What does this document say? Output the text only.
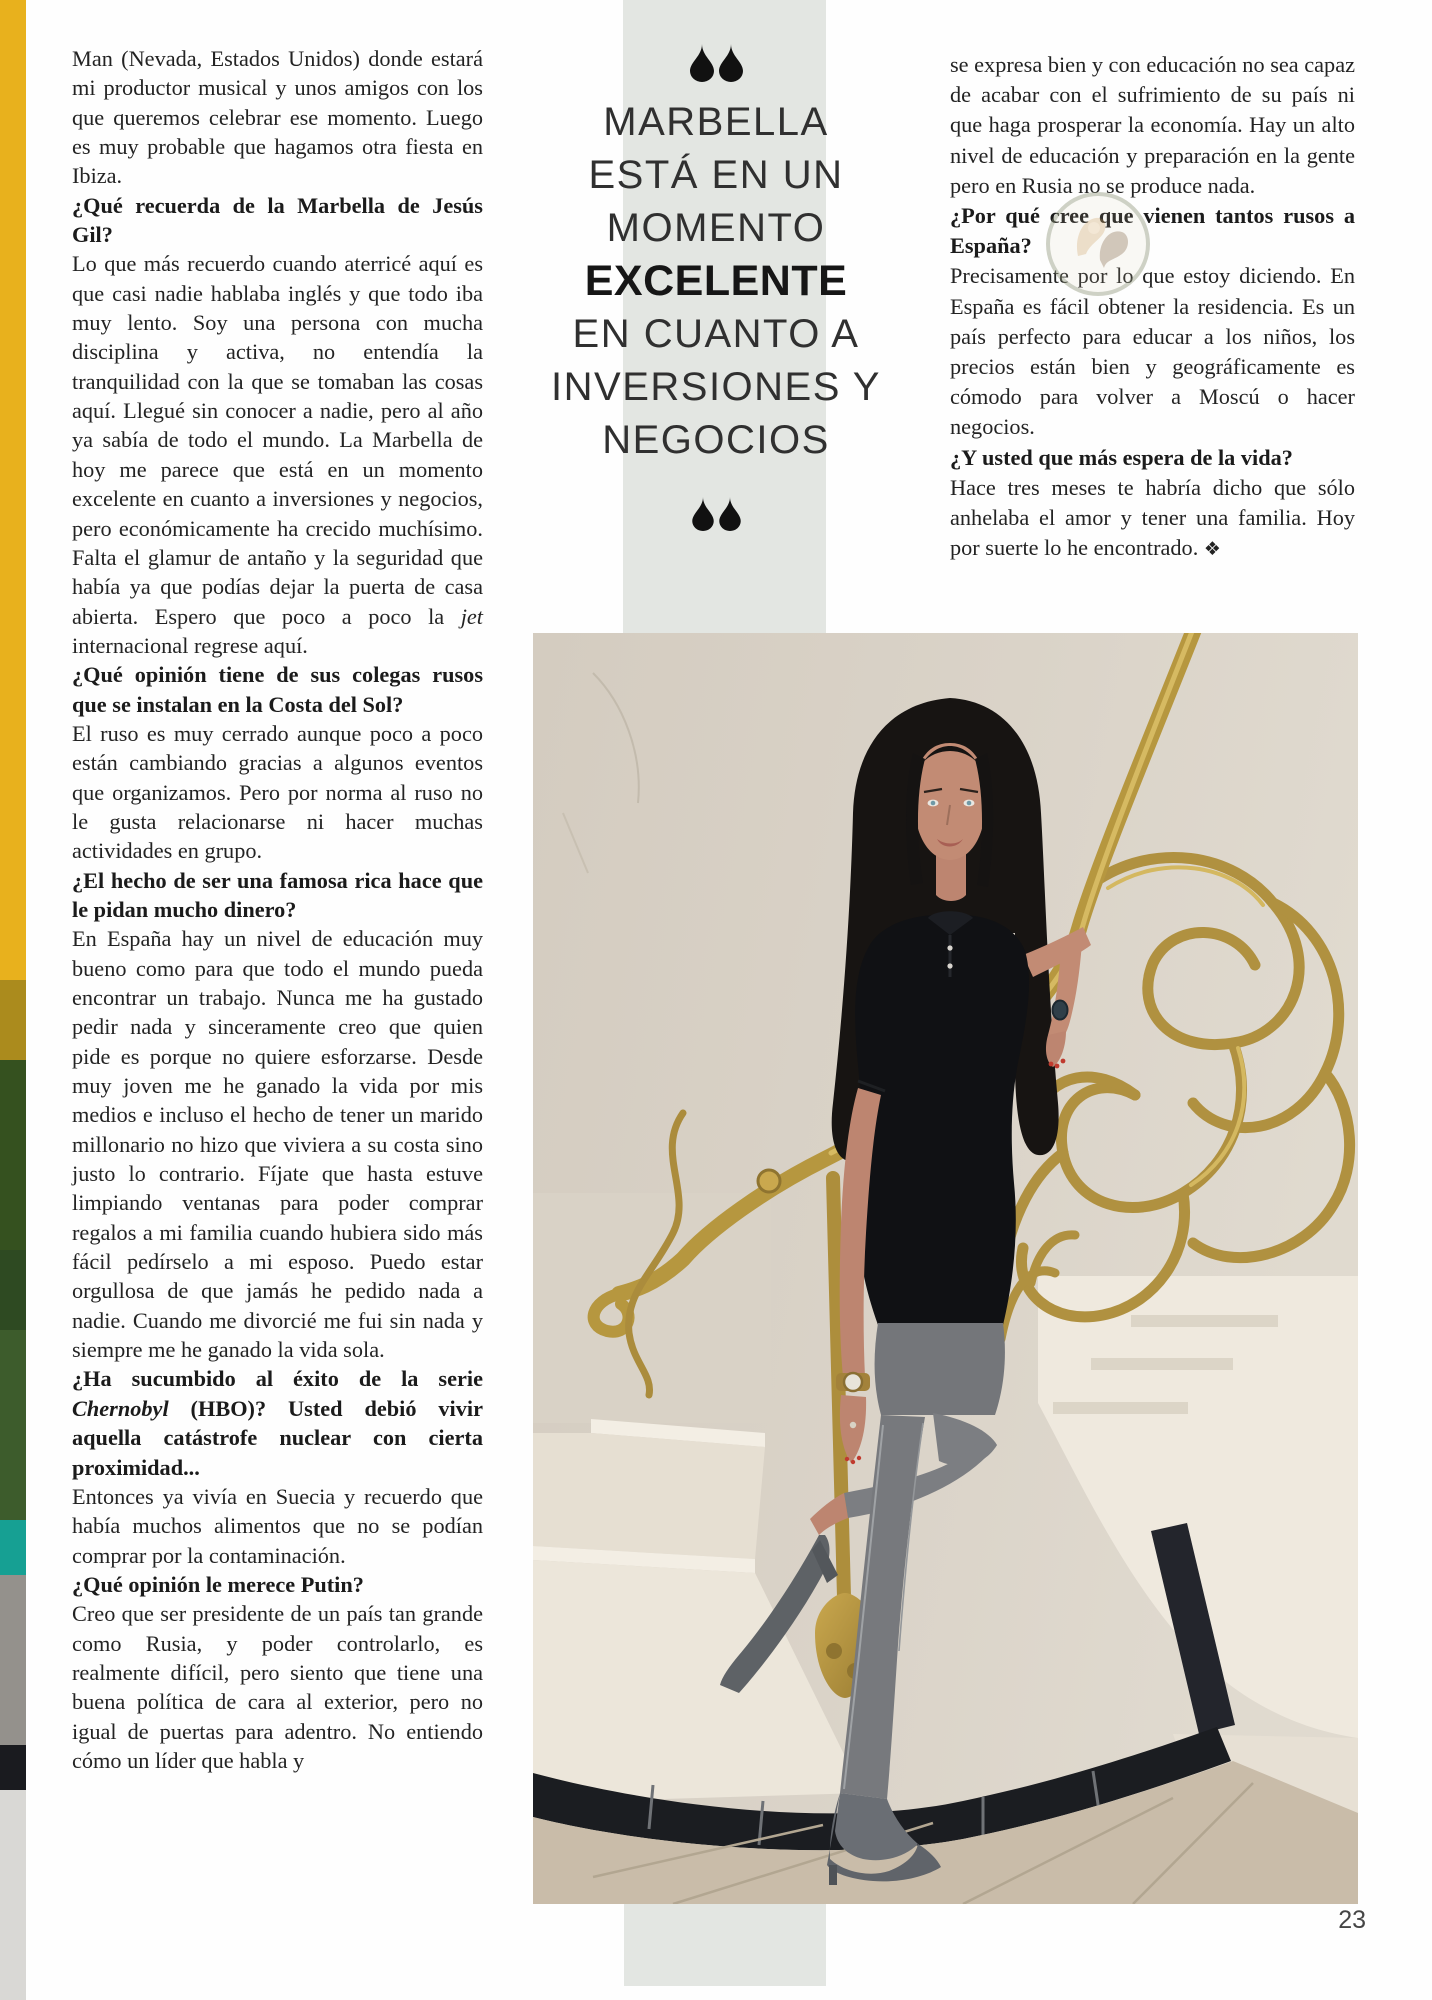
Man (Nevada, Estados Unidos) donde estará mi productor musical y unos amigos con los que queremos celebrar ese momento. Luego es muy probable que hagamos otra fiesta en Ibiza.

¿Qué recuerda de la Marbella de Jesús Gil?

Lo que más recuerdo cuando aterricé aquí es que casi nadie hablaba inglés y que todo iba muy lento. Soy una persona con mucha disciplina y activa, no entendía la tranquilidad con la que se tomaban las cosas aquí. Llegué sin conocer a nadie, pero al año ya sabía de todo el mundo. La Marbella de hoy me parece que está en un momento excelente en cuanto a inversiones y negocios, pero económicamente ha crecido muchísimo. Falta el glamur de antaño y la seguridad que había ya que podías dejar la puerta de casa abierta. Espero que poco a poco la jet internacional regrese aquí.

¿Qué opinión tiene de sus colegas rusos que se instalan en la Costa del Sol?

El ruso es muy cerrado aunque poco a poco están cambiando gracias a algunos eventos que organizamos. Pero por norma al ruso no le gusta relacionarse ni hacer muchas actividades en grupo.

¿El hecho de ser una famosa rica hace que le pidan mucho dinero?

En España hay un nivel de educación muy bueno como para que todo el mundo pueda encontrar un trabajo. Nunca me ha gustado pedir nada y sinceramente creo que quien pide es porque no quiere esforzarse. Desde muy joven me he ganado la vida por mis medios e incluso el hecho de tener un marido millonario no hizo que viviera a su costa sino justo lo contrario. Fíjate que hasta estuve limpiando ventanas para poder comprar regalos a mi familia cuando hubiera sido más fácil pedírselo a mi esposo. Puedo estar orgullosa de que jamás he pedido nada a nadie. Cuando me divorcié me fui sin nada y siempre me he ganado la vida sola.

¿Ha sucumbido al éxito de la serie Chernobyl (HBO)? Usted debió vivir aquella catástrofe nuclear con cierta proximidad...

Entonces ya vivía en Suecia y recuerdo que había muchos alimentos que no se podían comprar por la contaminación.

¿Qué opinión le merece Putin?

Creo que ser presidente de un país tan grande como Rusia, y poder controlarlo, es realmente difícil, pero siento que tiene una buena política de cara al exterior, pero no igual de puertas para adentro. No entiendo cómo un líder que habla y

MARBELLA
ESTÁ EN UN
MOMENTO
EXCELENTE
EN CUANTO A
INVERSIONES Y
NEGOCIOS

se expresa bien y con educación no sea capaz de acabar con el sufrimiento de su país ni que haga prosperar la economía. Hay un alto nivel de educación y preparación en la gente pero en Rusia no se produce nada.

¿Por qué cree que vienen tantos rusos a España?

Precisamente por lo que estoy diciendo. En España es fácil obtener la residencia. Es un país perfecto para educar a los niños, los precios están bien y geográficamente es cómodo para volver a Moscú o hacer negocios.

¿Y usted que más espera de la vida?

Hace tres meses te habría dicho que sólo anhelaba el amor y tener una familia. Hoy por suerte lo he encontrado. ❖

23
